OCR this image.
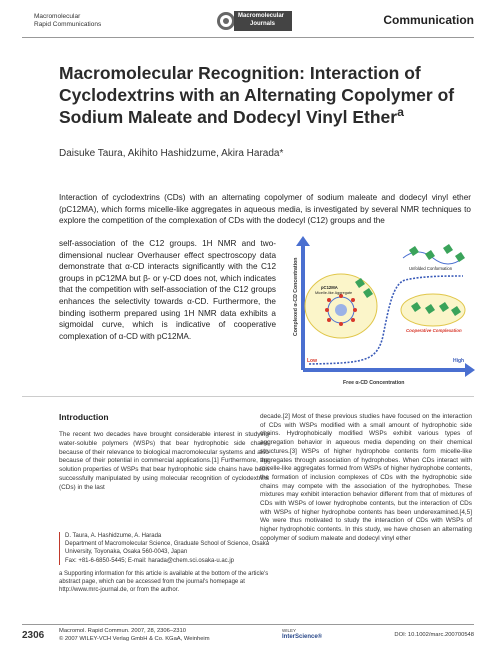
Macromolecular
Rapid Communications
Macromolecular
Journals	Communication
Macromolecular Recognition: Interaction of Cyclodextrins with an Alternating Copolymer of Sodium Maleate and Dodecyl Vinyl Ether$^a$
Daisuke Taura, Akihito Hashidzume, Akira Harada*

Interaction of cyclodextrins (CDs) with an alternating copolymer of sodium maleate and dodecyl vinyl ether (pC12MA), which forms micelle-like aggregates in aqueous media, is investigated by several NMR techniques to explore the competition of the complexation of CDs with the dodecyl (C12) groups and the

self-association of the C12 groups. 1H NMR and two-dimensional nuclear Overhauser effect spectroscopy data demonstrate that α-CD interacts significantly with the C12 groups in pC12MA but β- or γ-CD does not, which indicates that the competition with self-association of the C12 groups enhances the selectivity towards α-CD. Furthermore, the binding isotherm prepared using 1H NMR data exhibits a sigmoidal curve, which is indicative of cooperative complexation of α-CD with pC12MA.
pC12MA
Micelle-like Aggregate
Unfolded Conformation
Cooperative Complexation
Complexed α-CD Concentration
Free α-CD Concentration
Low	High
Introduction
The recent two decades have brought considerable interest in studying water-soluble polymers (WSPs) that bear hydrophobic side chains because of their relevance to biological macromolecular systems and also because of their potential in commercial applications.[1] Furthermore, the solution properties of WSPs that bear hydrophobic side chains have been successfully manipulated by using molecular recognition of cyclodextrins (CDs) in the last
decade.[2] Most of these previous studies have focused on the interaction of CDs with WSPs modified with a small amount of hydrophobic side chains. Hydrophobically modified WSPs exhibit various types of aggregation behavior in aqueous media depending on their chemical structures.[3] WSPs of higher hydrophobe contents form micelle-like aggregates through association of hydrophobes. When CDs interact with micelle-like aggregates formed from WSPs of higher hydrophobe contents, the formation of inclusion complexes of CDs with the hydrophobic side chains may compete with the association of the hydrophobes. These mixtures may exhibit interaction behavior different from that of mixtures of CDs with WSPs of lower hydrophobe contents, but the interaction of CDs with WSPs of higher hydrophobe contents has been underexamined.[4,5] We were thus motivated to study the interaction of CDs with WSPs of higher hydrophobic contents. In this study, we have chosen an alternating copolymer of sodium maleate and dodecyl vinyl ether
D. Taura, A. Hashidzume, A. Harada
Department of Macromolecular Science, Graduate School of Science, Osaka University, Toyonaka, Osaka 560-0043, Japan
Fax: +81-6-6850-5445; E-mail: harada@chem.sci.osaka-u.ac.jp
a Supporting information for this article is available at the bottom of the article's abstract page, which can be accessed from the journal's homepage at http://www.mrc-journal.de, or from the author.
2306	Macromol. Rapid Commun. 2007, 28, 2306–2310
© 2007 WILEY-VCH Verlag GmbH & Co. KGaA, Weinheim
WILEY
InterScience®	DOI: 10.1002/marc.200700548
